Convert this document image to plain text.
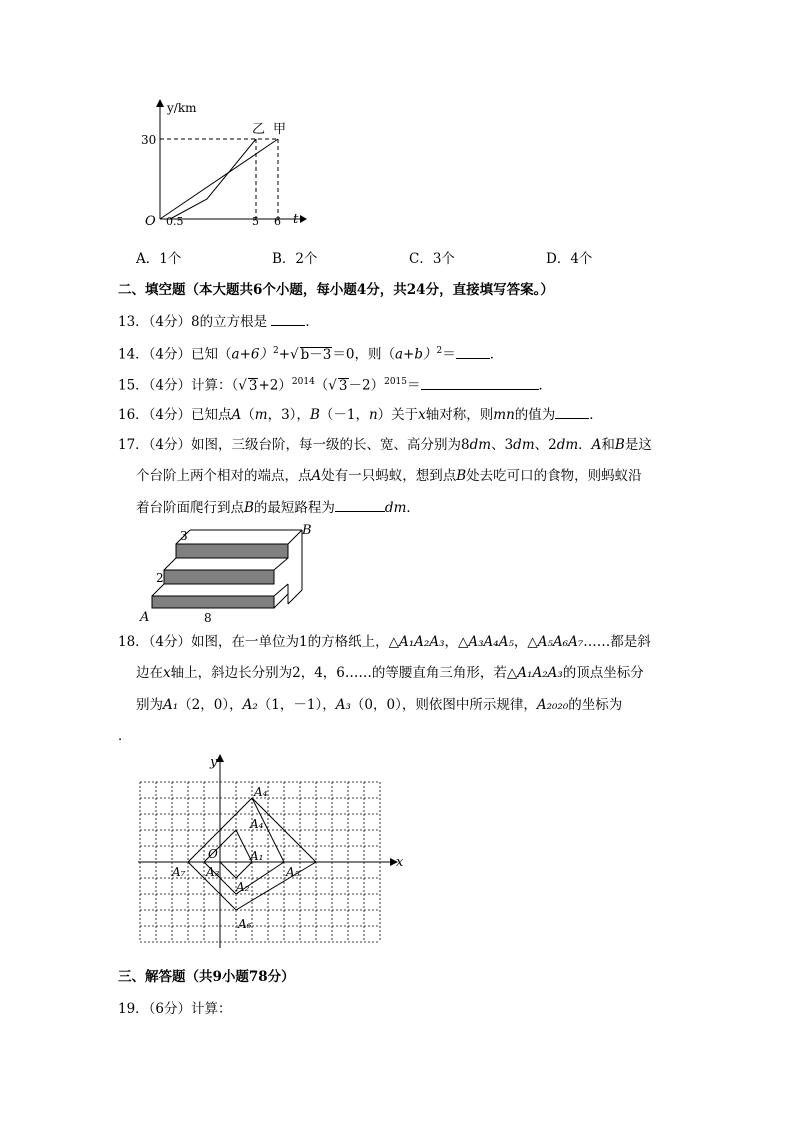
y/km
30
O 0.5	5 6 t
乙 甲
A．1个	B．2个	C．3个	D．4个
二、填空题（本大题共6个小题，每小题4分，共24分，直接填写答案。）
13．（4分）8的立方根是	．
14．（4分）已知$(a+6)^2+√$ b－3＝0，则$(a+b)^2=$	．
15．（4分）计算：（√ 3+2）$^{2014}$（√ 3－2）$^{2015}$＝	．
16．（4分）已知点A（m，3），B（－1，n）关于x轴对称，则mn的值为	．
17．（4分）如图，三级台阶，每一级的长、宽、高分别为8dm、3dm、2dm．A和B是这
个台阶上两个相对的端点，点A处有一只蚂蚁，想到点B处去吃可口的食物，则蚂蚁沿
着台阶面爬行到点B的最短路程为	dm．
3
2
8
A
B
18．（4分）如图，在一单位为1的方格纸上，△A₁A₂A₃，△A₃A₄A₅，△A₅A₆A₇……都是斜
边在x轴上，斜边长分别为2，4，6……的等腰直角三角形，若△A₁A₂A₃的顶点坐标分
别为A₁（2，0），A₂（1，－1），A₃（0，0），则依图中所示规律，A₂₀₂₀的坐标为
．
y
x
O	A₁
A₂
A₃
A₄
A₅
A₆
A₇
A₄
三、解答题（共9小题78分）
19．（6分）计算：
